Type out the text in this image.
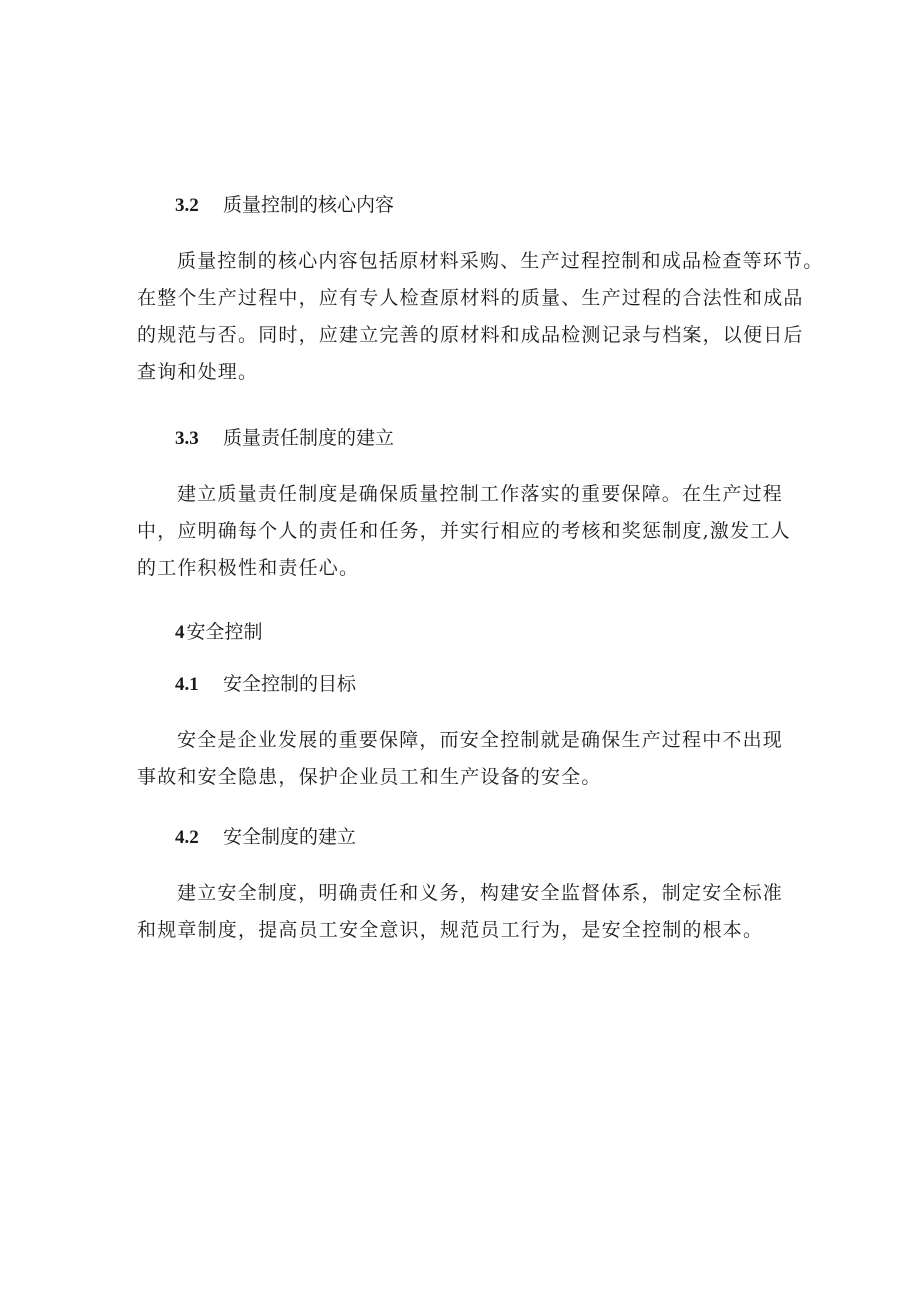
3.2 质量控制的核心内容
质量控制的核心内容包括原材料采购、生产过程控制和成品检查等环节。
在整个生产过程中，应有专人检查原材料的质量、生产过程的合法性和成品
的规范与否。同时，应建立完善的原材料和成品检测记录与档案，以便日后
查询和处理。
3.3 质量责任制度的建立
建立质量责任制度是确保质量控制工作落实的重要保障。在生产过程
中，应明确每个人的责任和任务，并实行相应的考核和奖惩制度,激发工人
的工作积极性和责任心。
4 安全控制
4.1 安全控制的目标
安全是企业发展的重要保障，而安全控制就是确保生产过程中不出现
事故和安全隐患，保护企业员工和生产设备的安全。
4.2 安全制度的建立
建立安全制度，明确责任和义务，构建安全监督体系，制定安全标准
和规章制度，提高员工安全意识，规范员工行为，是安全控制的根本。
